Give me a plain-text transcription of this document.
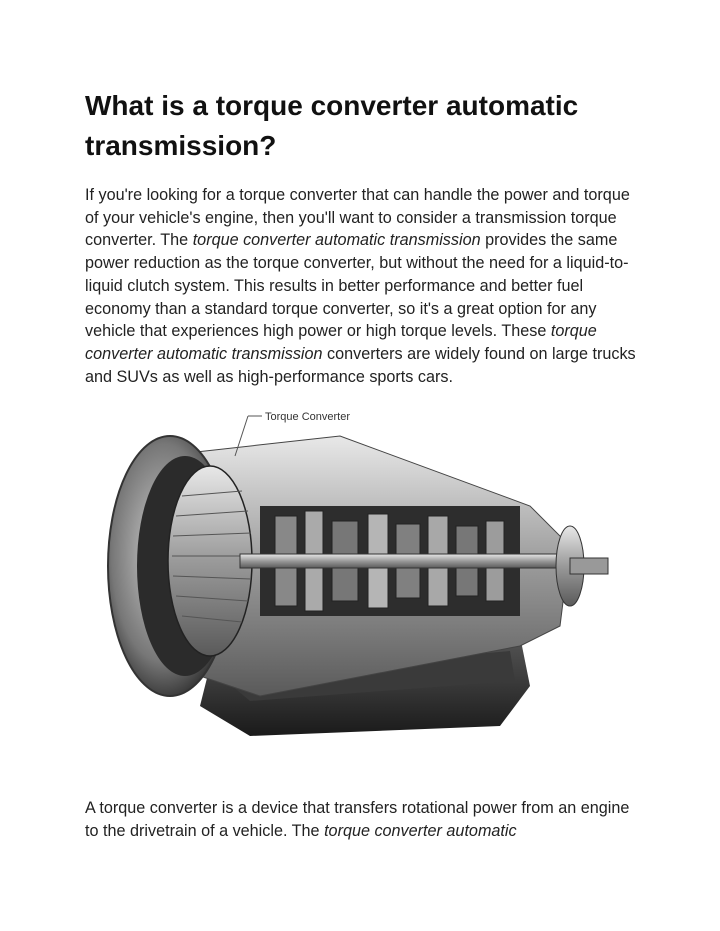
What is a torque converter automatic transmission?

If you're looking for a torque converter that can handle the power and torque of your vehicle's engine, then you'll want to consider a transmission torque converter. The torque converter automatic transmission provides the same power reduction as the torque converter, but without the need for a liquid-to-liquid clutch system. This results in better performance and better fuel economy than a standard torque converter, so it's a great option for any vehicle that experiences high power or high torque levels. These torque converter automatic transmission converters are widely found on large trucks and SUVs as well as high-performance sports cars.

Torque Converter

A torque converter is a device that transfers rotational power from an engine to the drivetrain of a vehicle. The torque converter automatic
